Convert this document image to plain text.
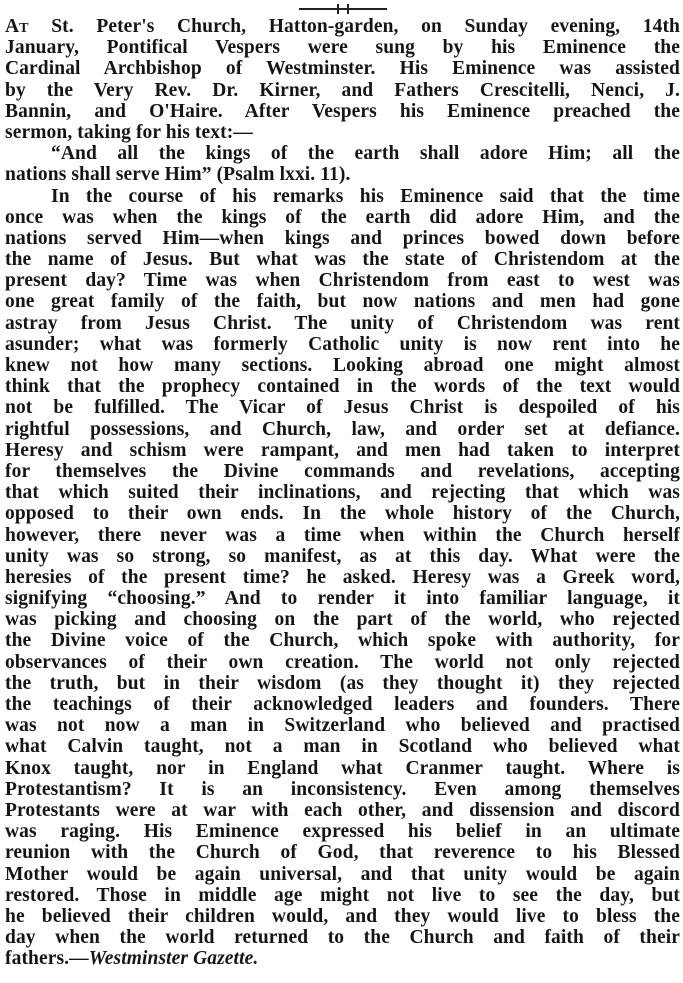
At St. Peter's Church, Hatton-garden, on Sunday evening, 14th
January, Pontifical Vespers were sung by his Eminence the
Cardinal Archbishop of Westminster. His Eminence was assisted
by the Very Rev. Dr. Kirner, and Fathers Crescitelli, Nenci, J.
Bannin, and O'Haire. After Vespers his Eminence preached the
sermon, taking for his text:—
“And all the kings of the earth shall adore Him; all the
nations shall serve Him” (Psalm lxxi. 11).
In the course of his remarks his Eminence said that the time
once was when the kings of the earth did adore Him, and the
nations served Him—when kings and princes bowed down before
the name of Jesus. But what was the state of Christendom at the
present day? Time was when Christendom from east to west was
one great family of the faith, but now nations and men had gone
astray from Jesus Christ. The unity of Christendom was rent
asunder; what was formerly Catholic unity is now rent into he
knew not how many sections. Looking abroad one might almost
think that the prophecy contained in the words of the text would
not be fulfilled. The Vicar of Jesus Christ is despoiled of his
rightful possessions, and Church, law, and order set at defiance.
Heresy and schism were rampant, and men had taken to interpret
for themselves the Divine commands and revelations, accepting
that which suited their inclinations, and rejecting that which was
opposed to their own ends. In the whole history of the Church,
however, there never was a time when within the Church herself
unity was so strong, so manifest, as at this day. What were the
heresies of the present time? he asked. Heresy was a Greek word,
signifying “choosing.” And to render it into familiar language, it
was picking and choosing on the part of the world, who rejected
the Divine voice of the Church, which spoke with authority, for
observances of their own creation. The world not only rejected
the truth, but in their wisdom (as they thought it) they rejected
the teachings of their acknowledged leaders and founders. There
was not now a man in Switzerland who believed and practised
what Calvin taught, not a man in Scotland who believed what
Knox taught, nor in England what Cranmer taught. Where is
Protestantism? It is an inconsistency. Even among themselves
Protestants were at war with each other, and dissension and discord
was raging. His Eminence expressed his belief in an ultimate
reunion with the Church of God, that reverence to his Blessed
Mother would be again universal, and that unity would be again
restored. Those in middle age might not live to see the day, but
he believed their children would, and they would live to bless the
day when the world returned to the Church and faith of their
fathers.—Westminster Gazette.
